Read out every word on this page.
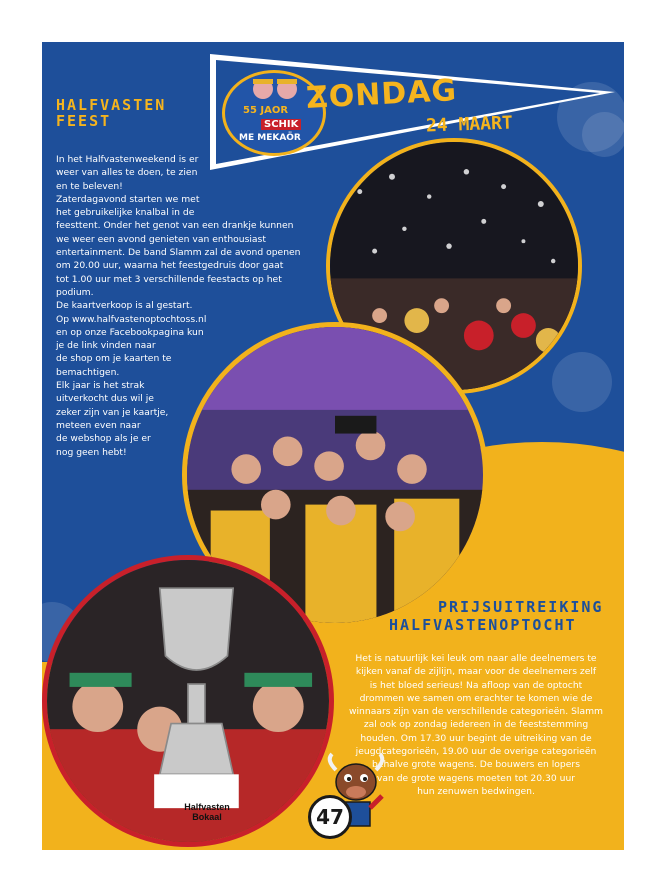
Halfvasten Bokaal
55 JAOR
SCHIK
ME MEKAÖR
ZONDAG
24 MAART
HALFVASTEN
FEEST

In het Halfvastenweekend is er

weer van alles te doen, te zien

en te beleven!

Zaterdagavond starten we met

het gebruikelijke knalbal in de

feesttent. Onder het genot van een drankje kunnen

we weer een avond genieten van enthousiast

entertainment. De band Slamm zal de avond openen

om 20.00 uur, waarna het feestgedruis door gaat

tot 1.00 uur met 3 verschillende feestacts op het

podium.

De kaartverkoop is al gestart.

Op www.halfvastenoptochtoss.nl

en op onze Facebookpagina kun

je de link vinden naar

de shop om je kaarten te

bemachtigen.

Elk jaar is het strak

uitverkocht dus wil je

zeker zijn van je kaartje,

meteen even naar

de webshop als je er

nog geen hebt!

PRIJSUITREIKING
HALFVASTENOPTOCHT

Het is natuurlijk kei leuk om naar alle deelnemers te

kijken vanaf de zijlijn, maar voor de deelnemers zelf

is het bloed serieus! Na afloop van de optocht

drommen we samen om erachter te komen wie de

winnaars zijn van de verschillende categorieën. Slamm

zal ook op zondag iedereen in de feeststemming

houden. Om 17.30 uur begint de uitreiking van de

jeugdcategorieën, 19.00 uur de overige categorieën

behalve grote wagens. De bouwers en lopers

van de grote wagens moeten tot 20.30 uur

hun zenuwen bedwingen.

47
